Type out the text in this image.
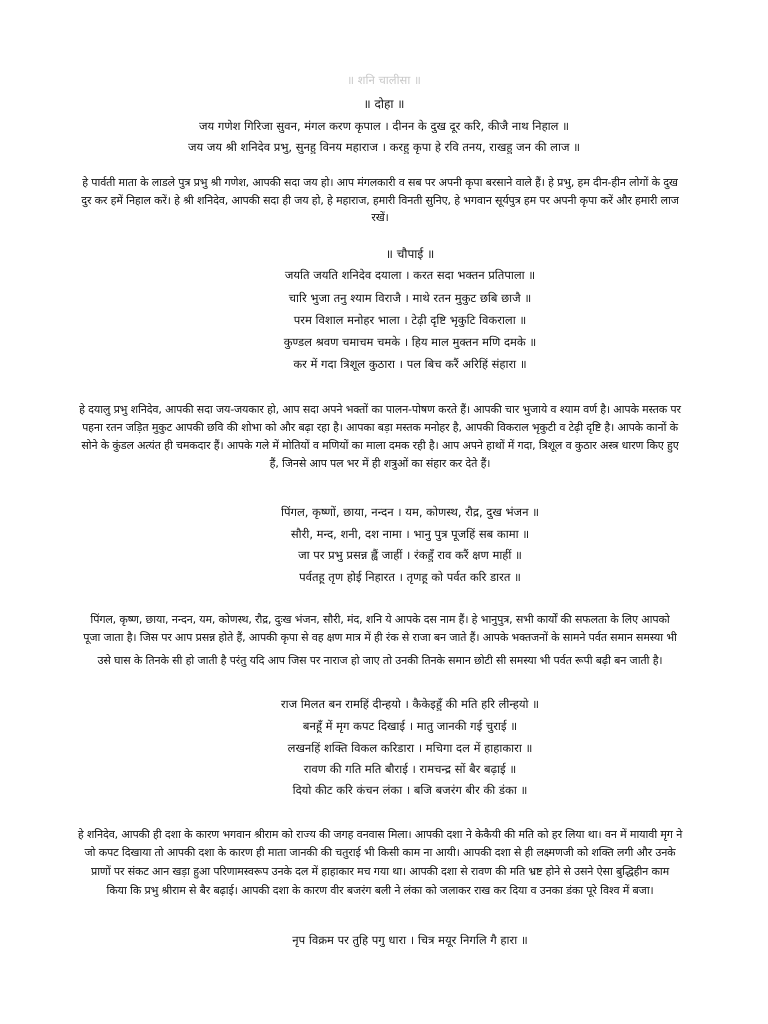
॥ शनि चालीसा ॥
॥ दोहा ॥
जय गणेश गिरिजा सुवन, मंगल करण कृपाल । दीनन के दुख दूर करि, कीजै नाथ निहाल ॥
जय जय श्री शनिदेव प्रभु, सुनहु विनय महाराज । करहु कृपा हे रवि तनय, राखहु जन की लाज ॥
हे पार्वती माता के लाडले पुत्र प्रभु श्री गणेश, आपकी सदा जय हो। आप मंगलकारी व सब पर अपनी कृपा बरसाने वाले हैं। हे प्रभु, हम दीन-हीन लोगों के दुख
दुर कर हमें निहाल करें। हे श्री शनिदेव, आपकी सदा ही जय हो, हे महाराज, हमारी विनती सुनिए, हे भगवान सूर्यपुत्र हम पर अपनी कृपा करें और हमारी लाज
रखें।
॥ चौपाई ॥
जयति जयति शनिदेव दयाला । करत सदा भक्तन प्रतिपाला ॥
चारि भुजा तनु श्याम विराजै । माथे रतन मुकुट छबि छाजै ॥
परम विशाल मनोहर भाला । टेढ़ी दृष्टि भृकुटि विकराला ॥
कुण्डल श्रवण चमाचम चमके । हिय माल मुक्तन मणि दमके ॥
कर में गदा त्रिशूल कुठारा । पल बिच करैं अरिहिं संहारा ॥
हे दयालु प्रभु शनिदेव, आपकी सदा जय-जयकार हो, आप सदा अपने भक्तों का पालन-पोषण करते हैं। आपकी चार भुजाये व श्याम वर्ण है। आपके मस्तक पर
पहना रतन जड़ित मुकुट आपकी छवि की शोभा को और बढ़ा रहा है। आपका बड़ा मस्तक मनोहर है, आपकी विकराल भृकुटी व टेढ़ी दृष्टि है। आपके कानों के
सोने के कुंडल अत्यंत ही चमकदार हैं। आपके गले में मोतियों व मणियों का माला दमक रही है। आप अपने हाथों में गदा, त्रिशूल व कुठार अस्त्र धारण किए हुए
हैं, जिनसे आप पल भर में ही शत्रुओं का संहार कर देते हैं।
पिंगल, कृष्णों, छाया, नन्दन । यम, कोणस्थ, रौद्र, दुख भंजन ॥
सौरी, मन्द, शनी, दश नामा । भानु पुत्र पूजहिं सब कामा ॥
जा पर प्रभु प्रसन्न ह्वैं जाहीं । रंकहुँ राव करैं क्षण माहीं ॥
पर्वतहू तृण होई निहारत । तृणहू को पर्वत करि डारत ॥
पिंगल, कृष्ण, छाया, नन्दन, यम, कोणस्थ, रौद्र, दुःख भंजन, सौरी, मंद, शनि ये आपके दस नाम हैं। हे भानुपुत्र, सभी कार्यों की सफलता के लिए आपको
पूजा जाता है। जिस पर आप प्रसन्न होते हैं, आपकी कृपा से वह क्षण मात्र में ही रंक से राजा बन जाते हैं। आपके भक्तजनों के सामने पर्वत समान समस्या भी
उसे घास के तिनके सी हो जाती है परंतु यदि आप जिस पर नाराज हो जाए तो उनकी तिनके समान छोटी सी समस्या भी पर्वत रूपी बढ़ी बन जाती है।
राज मिलत बन रामहिं दीन्हयो । कैकेइहुँ की मति हरि लीन्हयो ॥
बनहूँ में मृग कपट दिखाई । मातु जानकी गई चुराई ॥
लखनहिं शक्ति विकल करिडारा । मचिगा दल में हाहाकारा ॥
रावण की गति मति बौराई । रामचन्द्र सों बैर बढ़ाई ॥
दियो कीट करि कंचन लंका । बजि बजरंग बीर की डंका ॥
हे शनिदेव, आपकी ही दशा के कारण भगवान श्रीराम को राज्य की जगह वनवास मिला। आपकी दशा ने केकैयी की मति को हर लिया था। वन में मायावी मृग ने
जो कपट दिखाया तो आपकी दशा के कारण ही माता जानकी की चतुराई भी किसी काम ना आयी। आपकी दशा से ही लक्ष्मणजी को शक्ति लगी और उनके
प्राणों पर संकट आन खड़ा हुआ परिणामस्वरूप उनके दल में हाहाकार मच गया था। आपकी दशा से रावण की मति भ्रष्ट होने से उसने ऐसा बुद्धिहीन काम
किया कि प्रभु श्रीराम से बैर बढ़ाई। आपकी दशा के कारण वीर बजरंग बली ने लंका को जलाकर राख कर दिया व उनका डंका पूरे विश्व में बजा।
नृप विक्रम पर तुहि पगु धारा । चित्र मयूर निगलि गै हारा ॥
